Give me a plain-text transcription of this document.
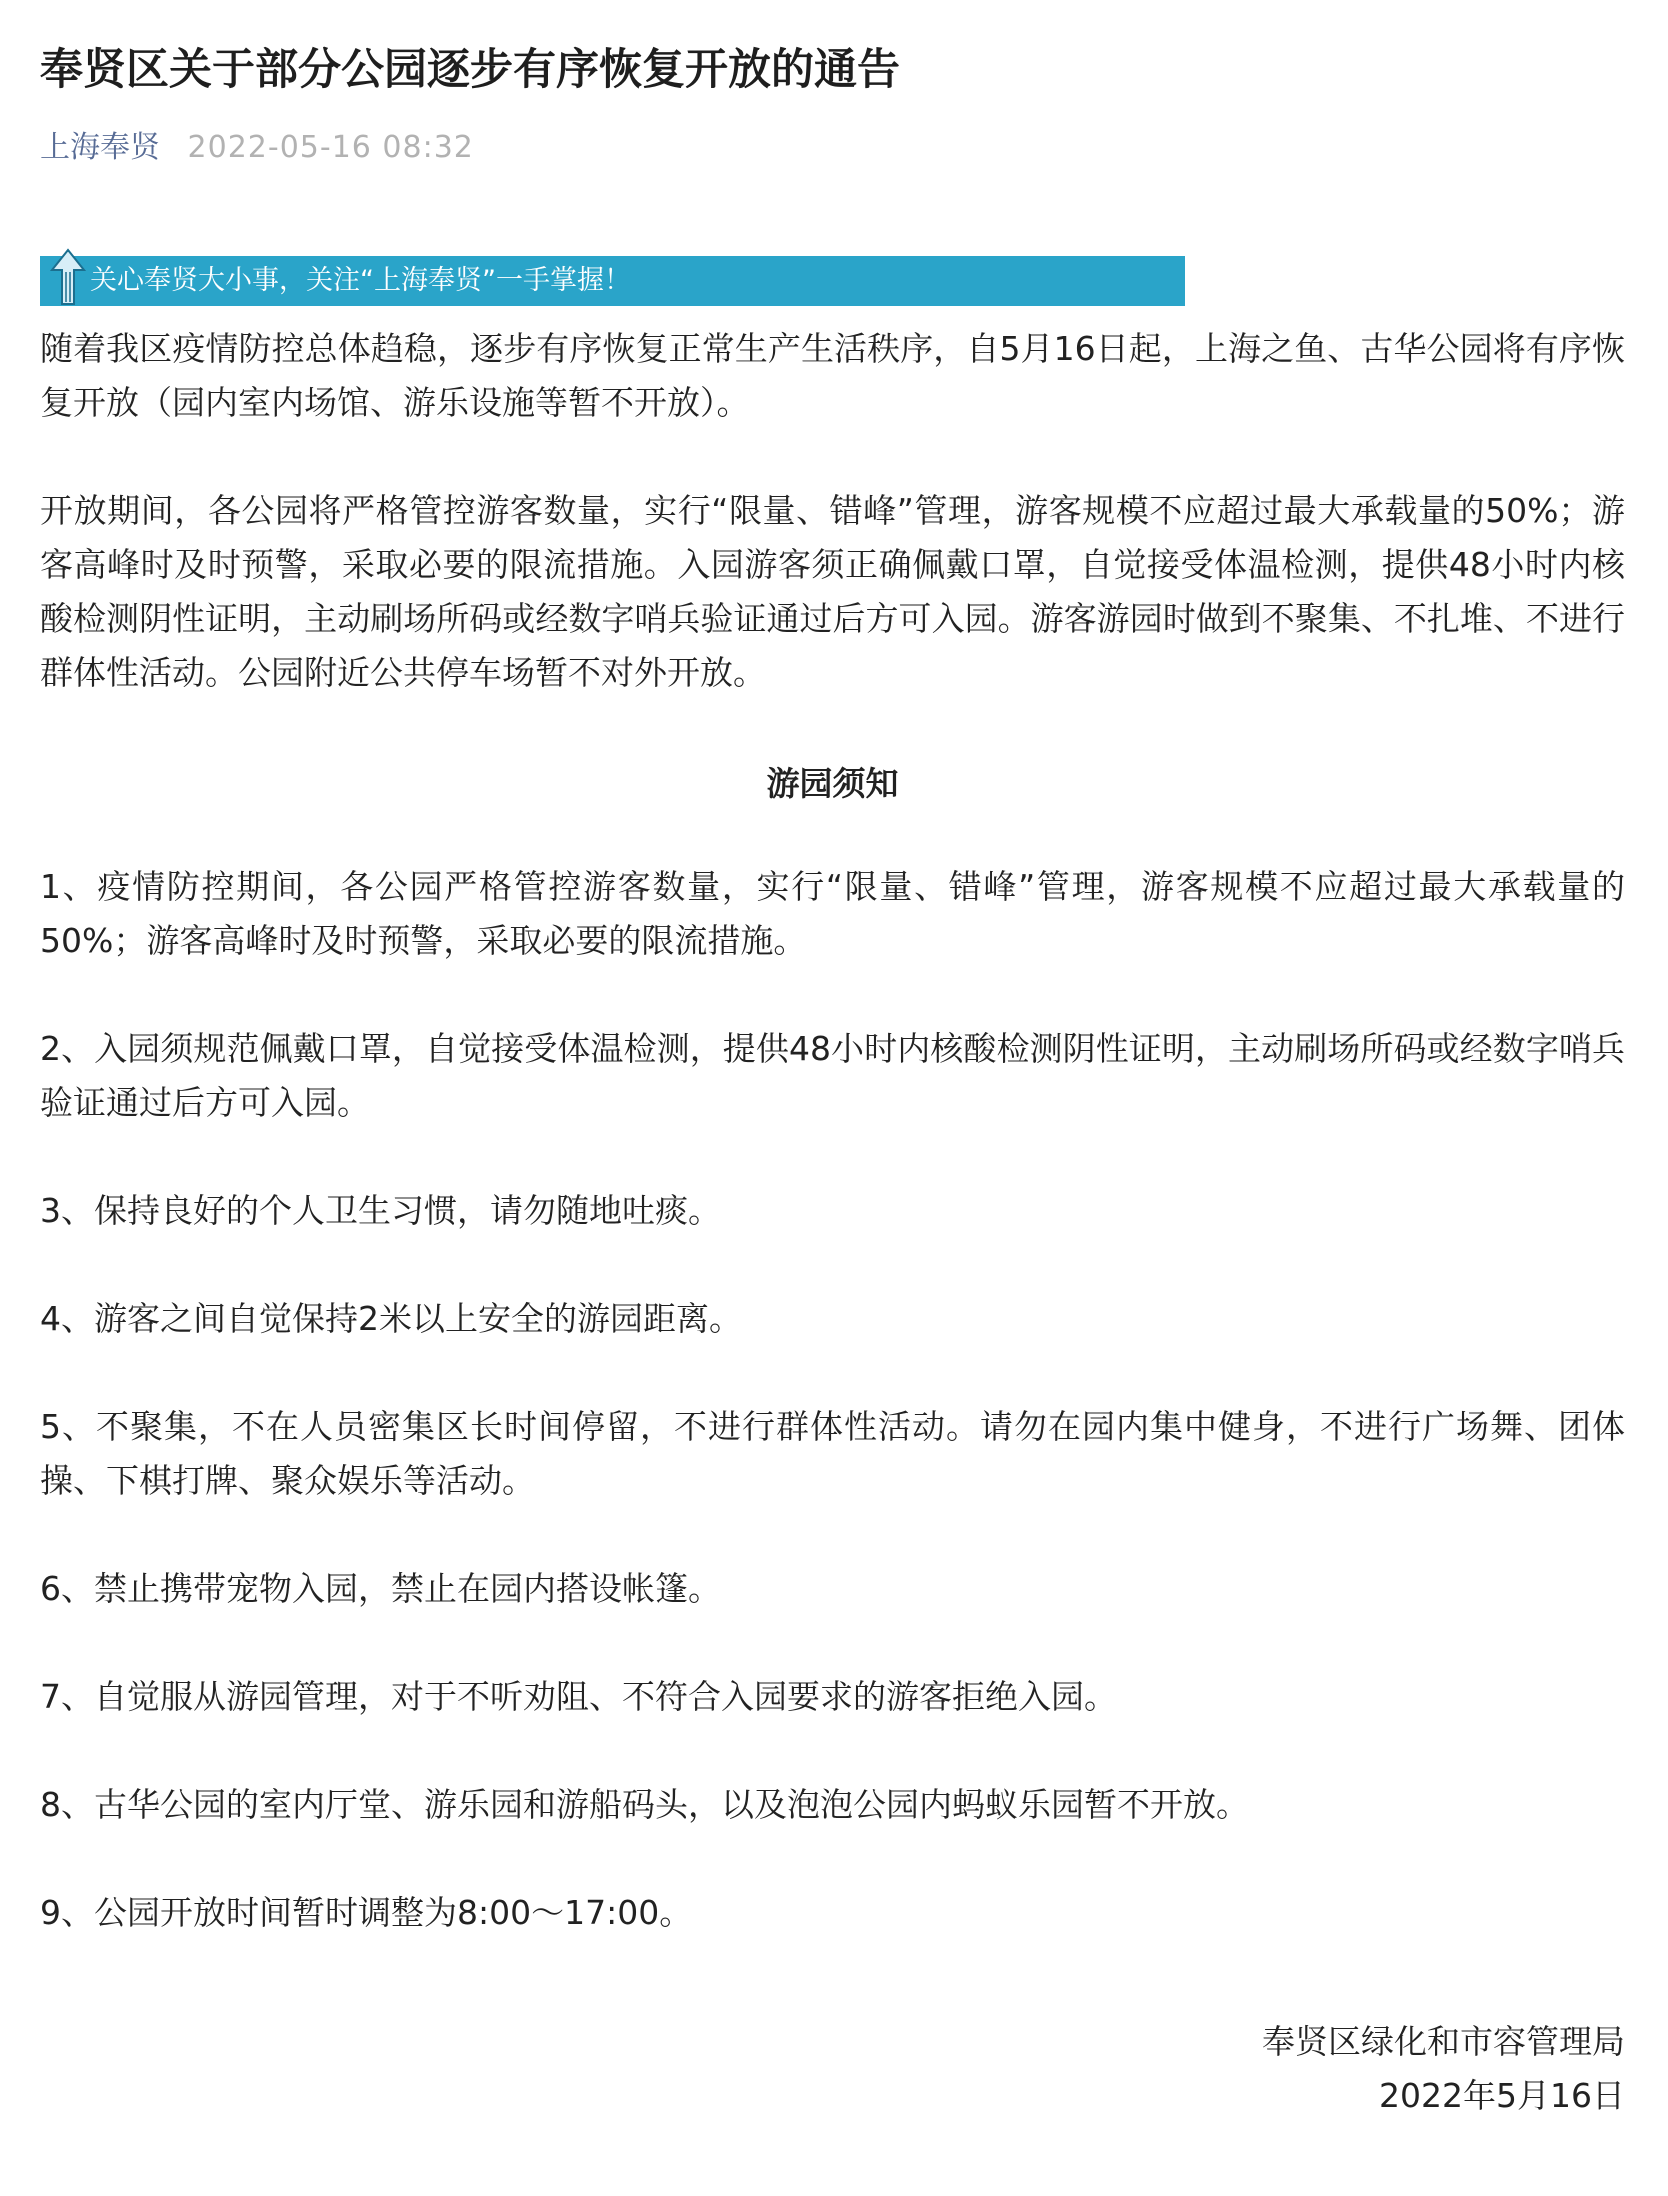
奉贤区关于部分公园逐步有序恢复开放的通告
上海奉贤 2022-05-16 08:32
关心奉贤大小事，关注“上海奉贤”一手掌握！
随着我区疫情防控总体趋稳，逐步有序恢复正常生产生活秩序，自5月16日起，上海之鱼、古华公园将有序恢复开放（园内室内场馆、游乐设施等暂不开放）。
开放期间，各公园将严格管控游客数量，实行“限量、错峰”管理，游客规模不应超过最大承载量的50%；游客高峰时及时预警，采取必要的限流措施。入园游客须正确佩戴口罩，自觉接受体温检测，提供48小时内核酸检测阴性证明，主动刷场所码或经数字哨兵验证通过后方可入园。游客游园时做到不聚集、不扎堆、不进行群体性活动。公园附近公共停车场暂不对外开放。
游园须知
1、疫情防控期间，各公园严格管控游客数量，实行“限量、错峰”管理，游客规模不应超过最大承载量的50%；游客高峰时及时预警，采取必要的限流措施。
2、入园须规范佩戴口罩，自觉接受体温检测，提供48小时内核酸检测阴性证明，主动刷场所码或经数字哨兵验证通过后方可入园。
3、保持良好的个人卫生习惯，请勿随地吐痰。
4、游客之间自觉保持2米以上安全的游园距离。
5、不聚集，不在人员密集区长时间停留，不进行群体性活动。请勿在园内集中健身，不进行广场舞、团体操、下棋打牌、聚众娱乐等活动。
6、禁止携带宠物入园，禁止在园内搭设帐篷。
7、自觉服从游园管理，对于不听劝阻、不符合入园要求的游客拒绝入园。
8、古华公园的室内厅堂、游乐园和游船码头，以及泡泡公园内蚂蚁乐园暂不开放。
9、公园开放时间暂时调整为8:00～17:00。
奉贤区绿化和市容管理局
2022年5月16日
